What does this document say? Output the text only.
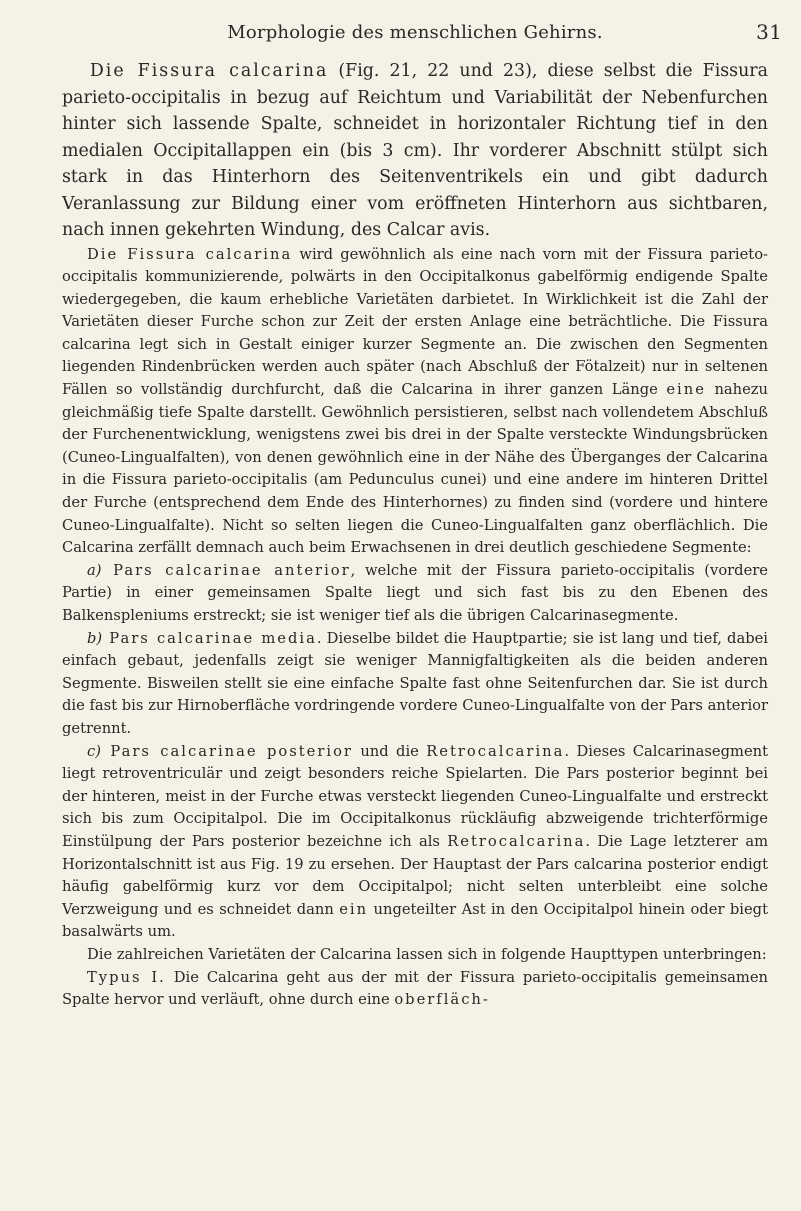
Morphologie des menschlichen Gehirns.	31

Die Fissura calcarina (Fig. 21, 22 und 23), diese selbst die Fissura parieto-occipitalis in bezug auf Reichtum und Variabilität der Nebenfurchen hinter sich lassende Spalte, schneidet in horizontaler Richtung tief in den medialen Occipitallappen ein (bis 3 cm). Ihr vorderer Abschnitt stülpt sich stark in das Hinterhorn des Seitenventrikels ein und gibt dadurch Veranlassung zur Bildung einer vom eröffneten Hinterhorn aus sichtbaren, nach innen gekehrten Windung, des Calcar avis.

Die Fissura calcarina wird gewöhnlich als eine nach vorn mit der Fissura parieto-occipitalis kommunizierende, polwärts in den Occipitalkonus gabelförmig endigende Spalte wiedergegeben, die kaum erhebliche Varietäten darbietet. In Wirklichkeit ist die Zahl der Varietäten dieser Furche schon zur Zeit der ersten Anlage eine beträchtliche. Die Fissura calcarina legt sich in Gestalt einiger kurzer Segmente an. Die zwischen den Segmenten liegenden Rindenbrücken werden auch später (nach Abschluß der Fötalzeit) nur in seltenen Fällen so vollständig durchfurcht, daß die Calcarina in ihrer ganzen Länge eine nahezu gleichmäßig tiefe Spalte darstellt. Gewöhnlich persistieren, selbst nach vollendetem Abschluß der Furchenentwicklung, wenigstens zwei bis drei in der Spalte versteckte Windungsbrücken (Cuneo-Lingualfalten), von denen gewöhnlich eine in der Nähe des Überganges der Calcarina in die Fissura parieto-occipitalis (am Pedunculus cunei) und eine andere im hinteren Drittel der Furche (entsprechend dem Ende des Hinterhornes) zu finden sind (vordere und hintere Cuneo-Lingualfalte). Nicht so selten liegen die Cuneo-Lingualfalten ganz oberflächlich. Die Calcarina zerfällt demnach auch beim Erwachsenen in drei deutlich geschiedene Segmente:

a) Pars calcarinae anterior, welche mit der Fissura parieto-occipitalis (vordere Partie) in einer gemeinsamen Spalte liegt und sich fast bis zu den Ebenen des Balkenspleniums erstreckt; sie ist weniger tief als die übrigen Calcarinasegmente.

b) Pars calcarinae media. Dieselbe bildet die Hauptpartie; sie ist lang und tief, dabei einfach gebaut, jedenfalls zeigt sie weniger Mannigfaltigkeiten als die beiden anderen Segmente. Bisweilen stellt sie eine einfache Spalte fast ohne Seitenfurchen dar. Sie ist durch die fast bis zur Hirnoberfläche vordringende vordere Cuneo-Lingualfalte von der Pars anterior getrennt.

c) Pars calcarinae posterior und die Retrocalcarina. Dieses Calcarinasegment liegt retroventriculär und zeigt besonders reiche Spielarten. Die Pars posterior beginnt bei der hinteren, meist in der Furche etwas versteckt liegenden Cuneo-Lingualfalte und erstreckt sich bis zum Occipitalpol. Die im Occipitalkonus rückläufig abzweigende trichterförmige Einstülpung der Pars posterior bezeichne ich als Retrocalcarina. Die Lage letzterer am Horizontalschnitt ist aus Fig. 19 zu ersehen. Der Hauptast der Pars calcarina posterior endigt häufig gabelförmig kurz vor dem Occipitalpol; nicht selten unterbleibt eine solche Verzweigung und es schneidet dann ein ungeteilter Ast in den Occipitalpol hinein oder biegt basalwärts um.

Die zahlreichen Varietäten der Calcarina lassen sich in folgende Haupttypen unterbringen:

Typus I. Die Calcarina geht aus der mit der Fissura parieto-occipitalis gemeinsamen Spalte hervor und verläuft, ohne durch eine oberfläch-
